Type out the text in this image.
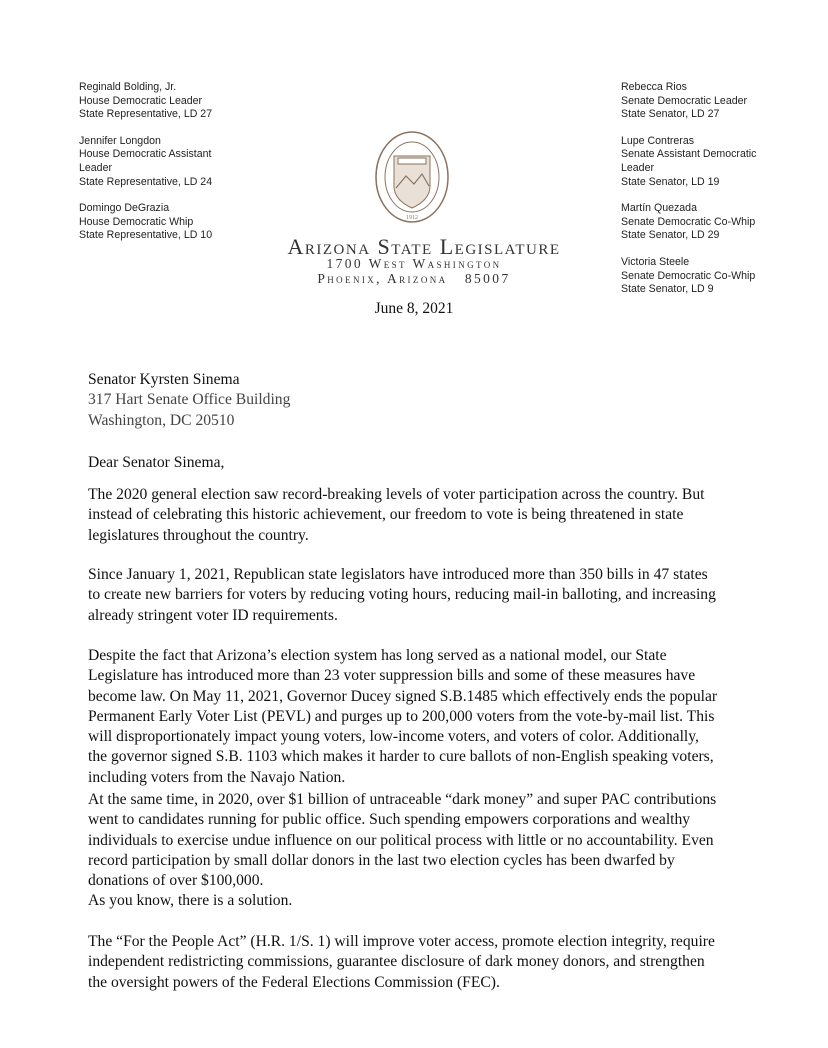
Reginald Bolding, Jr.
House Democratic Leader
State Representative, LD 27
Jennifer Longdon
House Democratic Assistant
Leader
State Representative, LD 24
Domingo DeGrazia
House Democratic Whip
State Representative, LD 10
Rebecca Rios
Senate Democratic Leader
State Senator, LD 27
Lupe Contreras
Senate Assistant Democratic
Leader
State Senator, LD 19
Martín Quezada
Senate Democratic Co-Whip
State Senator, LD 29
Victoria Steele
Senate Democratic Co-Whip
State Senator, LD 9
1912
Arizona State Legislature
1700 West Washington
Phoenix, Arizona   85007
June 8, 2021
Senator Kyrsten Sinema
317 Hart Senate Office Building
Washington, DC 20510
Dear Senator Sinema,
The 2020 general election saw record-breaking levels of voter participation across the country. But
instead of celebrating this historic achievement, our freedom to vote is being threatened in state
legislatures throughout the country.
Since January 1, 2021, Republican state legislators have introduced more than 350 bills in 47 states
to create new barriers for voters by reducing voting hours, reducing mail-in balloting, and increasing
already stringent voter ID requirements.
Despite the fact that Arizona’s election system has long served as a national model, our State
Legislature has introduced more than 23 voter suppression bills and some of these measures have
become law. On May 11, 2021, Governor Ducey signed S.B.1485 which effectively ends the popular
Permanent Early Voter List (PEVL) and purges up to 200,000 voters from the vote-by-mail list. This
will disproportionately impact young voters, low-income voters, and voters of color. Additionally,
the governor signed S.B. 1103 which makes it harder to cure ballots of non-English speaking voters,
including voters from the Navajo Nation.
At the same time, in 2020, over $1 billion of untraceable “dark money” and super PAC contributions
went to candidates running for public office. Such spending empowers corporations and wealthy
individuals to exercise undue influence on our political process with little or no accountability. Even
record participation by small dollar donors in the last two election cycles has been dwarfed by
donations of over $100,000.
As you know, there is a solution.
The “For the People Act” (H.R. 1/S. 1) will improve voter access, promote election integrity, require
independent redistricting commissions, guarantee disclosure of dark money donors, and strengthen
the oversight powers of the Federal Elections Commission (FEC).
